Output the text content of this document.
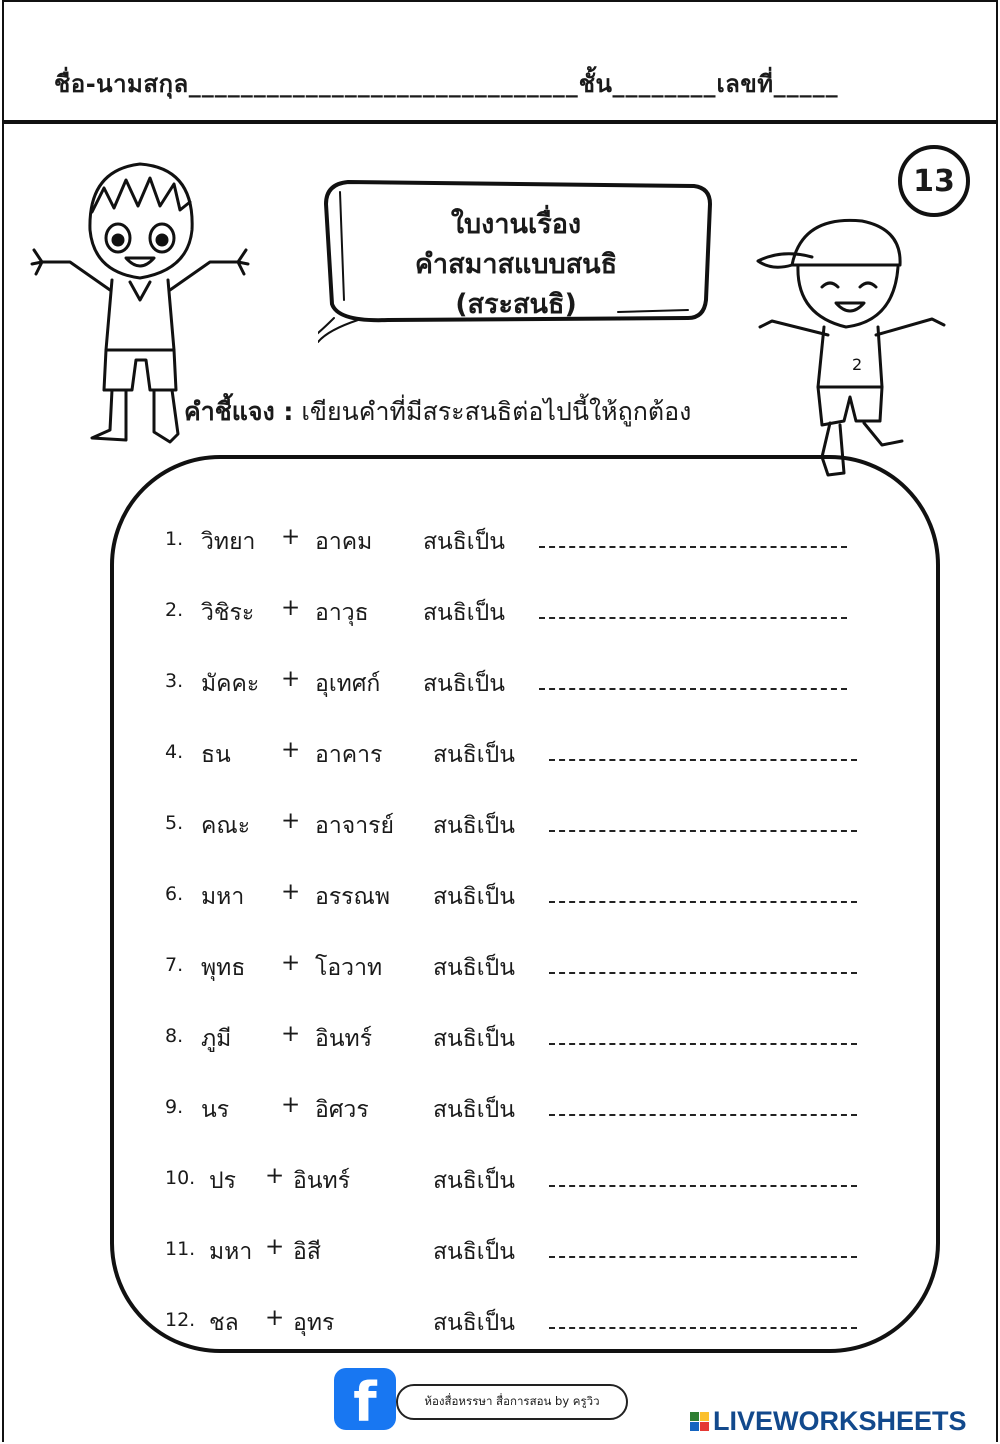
ชื่อ-นามสกุล______________________________ชั้น________เลขที่_____
2
ใบงานเรื่อง
คำสมาสแบบสนธิ
(สระสนธิ)
13
คำชี้แจง : เขียนคำที่มีสระสนธิต่อไปนี้ให้ถูกต้อง
1. วิทยา + อาคม สนธิเป็น
2. วิชิระ + อาวุธ สนธิเป็น
3. มัคคะ + อุเทศก์ สนธิเป็น
4. ธน + อาคาร สนธิเป็น
5. คณะ + อาจารย์ สนธิเป็น
6. มหา + อรรณพ สนธิเป็น
7. พุทธ + โอวาท สนธิเป็น
8. ภูมี + อินทร์	สนธิเป็น
9. นร + อิศวร	สนธิเป็น
10. ปร + อินทร์	สนธิเป็น
11. มหา + อิสี	สนธิเป็น
12. ชล + อุทร	สนธิเป็น
f	ห้องสื่อหรรษา สื่อการสอน by ครูวิว
LIVEWORKSHEETS
